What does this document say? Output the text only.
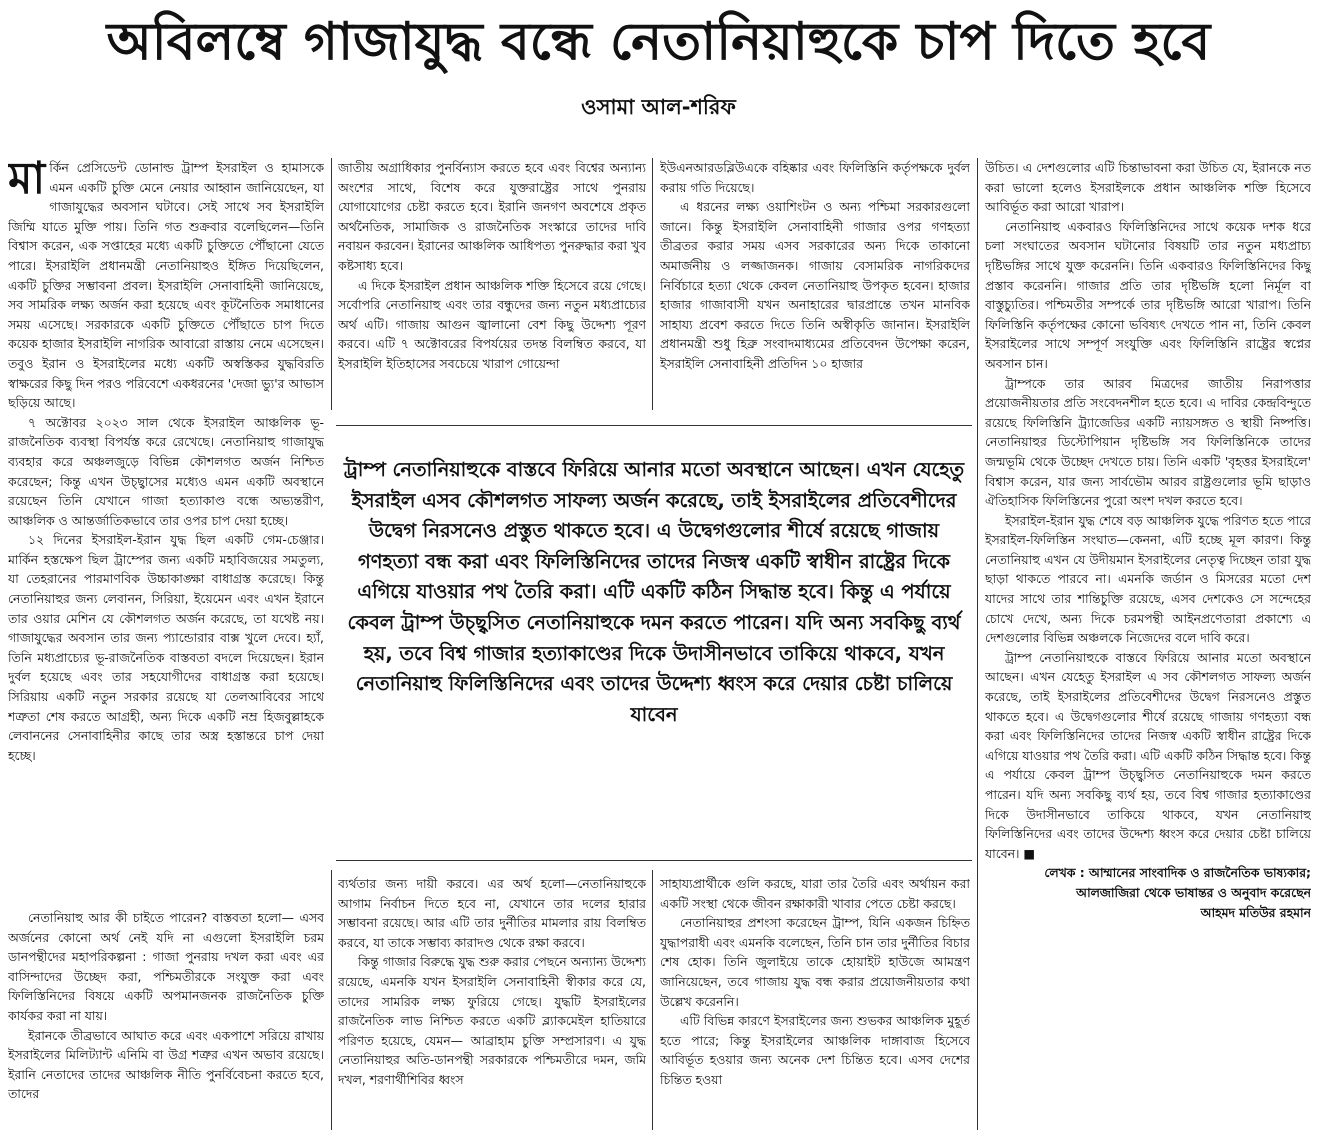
অবিলম্বে গাজাযুদ্ধ বন্ধে নেতানিয়াহুকে চাপ দিতে হবে
ওসামা আল-শরিফ

মার্কিন প্রেসিডেন্ট ডোনাল্ড ট্রাম্প ইসরাইল ও হামাসকে এমন একটি চুক্তি মেনে নেয়ার আহ্বান জানিয়েছেন, যা গাজাযুদ্ধের অবসান ঘটাবে। সেই সাথে সব ইসরাইলি জিম্মি যাতে মুক্তি পায়। তিনি গত শুক্রবার বলেছিলেন—তিনি বিশ্বাস করেন, এক সপ্তাহের মধ্যে একটি চুক্তিতে পৌঁছানো যেতে পারে। ইসরাইলি প্রধানমন্ত্রী নেতানিয়াহুও ইঙ্গিত দিয়েছিলেন, একটি চুক্তির সম্ভাবনা প্রবল। ইসরাইলি সেনাবাহিনী জানিয়েছে, সব সামরিক লক্ষ্য অর্জন করা হয়েছে এবং কূটনৈতিক সমাধানের সময় এসেছে। সরকারকে একটি চুক্তিতে পৌঁছাতে চাপ দিতে কয়েক হাজার ইসরাইলি নাগরিক আবারো রাস্তায় নেমে এসেছেন। তবুও ইরান ও ইসরাইলের মধ্যে একটি অস্বস্তিকর যুদ্ধবিরতি স্বাক্ষরের কিছু দিন পরও পরিবেশে একধরনের 'দেজা ভ্যু'র আভাস ছড়িয়ে আছে।

৭ অক্টোবর ২০২৩ সাল থেকে ইসরাইল আঞ্চলিক ভূ-রাজনৈতিক ব্যবস্থা বিপর্যস্ত করে রেখেছে। নেতানিয়াহু গাজাযুদ্ধ ব্যবহার করে অঞ্চলজুড়ে বিভিন্ন কৌশলগত অর্জন নিশ্চিত করেছেন; কিন্তু এখন উচ্ছ্বাসের মধ্যেও এমন একটি অবস্থানে রয়েছেন তিনি যেখানে গাজা হত্যাকাণ্ড বন্ধে অভ্যন্তরীণ, আঞ্চলিক ও আন্তর্জাতিকভাবে তার ওপর চাপ দেয়া হচ্ছে।

১২ দিনের ইসরাইল-ইরান যুদ্ধ ছিল একটি গেম-চেঞ্জার। মার্কিন হস্তক্ষেপ ছিল ট্রাম্পের জন্য একটি মহাবিজয়ের সমতুল্য, যা তেহরানের পারমাণবিক উচ্চাকাঙ্ক্ষা বাধাগ্রস্ত করেছে। কিন্তু নেতানিয়াহুর জন্য লেবানন, সিরিয়া, ইয়েমেন এবং এখন ইরানে তার ওয়ার মেশিন যে কৌশলগত অর্জন করেছে, তা যথেষ্ট নয়। গাজাযুদ্ধের অবসান তার জন্য প্যান্ডোরার বাক্স খুলে দেবে। হ্যাঁ, তিনি মধ্যপ্রাচ্যের ভূ-রাজনৈতিক বাস্তবতা বদলে দিয়েছেন। ইরান দুর্বল হয়েছে এবং তার সহযোগীদের বাধাগ্রস্ত করা হয়েছে। সিরিয়ায় একটি নতুন সরকার রয়েছে যা তেলআবিবের সাথে শত্রুতা শেষ করতে আগ্রহী, অন্য দিকে একটি নম্র হিজবুল্লাহকে লেবাননের সেনাবাহিনীর কাছে তার অস্ত্র হস্তান্তরে চাপ দেয়া হচ্ছে।

নেতানিয়াহু আর কী চাইতে পারেন? বাস্তবতা হলো— এসব অর্জনের কোনো অর্থ নেই যদি না এগুলো ইসরাইলি চরম ডানপন্থীদের মহাপরিকল্পনা : গাজা পুনরায় দখল করা এবং এর বাসিন্দাদের উচ্ছেদ করা, পশ্চিমতীরকে সংযুক্ত করা এবং ফিলিস্তিনিদের বিষয়ে একটি অপমানজনক রাজনৈতিক চুক্তি কার্যকর করা না যায়।

ইরানকে তীব্রভাবে আঘাত করে এবং একপাশে সরিয়ে রাখায় ইসরাইলের মিলিট্যান্ট এনিমি বা উগ্র শত্রুর এখন অভাব রয়েছে। ইরানি নেতাদের তাদের আঞ্চলিক নীতি পুনর্বিবেচনা করতে হবে, তাদের

জাতীয় অগ্রাধিকার পুনর্বিন্যাস করতে হবে এবং বিশ্বের অন্যান্য অংশের সাথে, বিশেষ করে যুক্তরাষ্ট্রের সাথে পুনরায় যোগাযোগের চেষ্টা করতে হবে। ইরানি জনগণ অবশেষে প্রকৃত অর্থনৈতিক, সামাজিক ও রাজনৈতিক সংস্কারে তাদের দাবি নবায়ন করবেন। ইরানের আঞ্চলিক আধিপত্য পুনরুদ্ধার করা খুব কষ্টসাধ্য হবে।

এ দিকে ইসরাইল প্রধান আঞ্চলিক শক্তি হিসেবে রয়ে গেছে। সর্বোপরি নেতানিয়াহু এবং তার বন্ধুদের জন্য নতুন মধ্যপ্রাচ্যের অর্থ এটি। গাজায় আগুন জ্বালানো বেশ কিছু উদ্দেশ্য পূরণ করবে। এটি ৭ অক্টোবরের বিপর্যয়ের তদন্ত বিলম্বিত করবে, যা ইসরাইলি ইতিহাসের সবচেয়ে খারাপ গোয়েন্দা

ইউএনআরডব্লিউএকে বহিষ্কার এবং ফিলিস্তিনি কর্তৃপক্ষকে দুর্বল করায় গতি দিয়েছে।

এ ধরনের লক্ষ্য ওয়াশিংটন ও অন্য পশ্চিমা সরকারগুলো জানে। কিন্তু ইসরাইলি সেনাবাহিনী গাজার ওপর গণহত্যা তীব্রতর করার সময় এসব সরকারের অন্য দিকে তাকানো অমার্জনীয় ও লজ্জাজনক। গাজায় বেসামরিক নাগরিকদের নির্বিচারে হত্যা থেকে কেবল নেতানিয়াহু উপকৃত হবেন। হাজার হাজার গাজাবাসী যখন অনাহারের দ্বারপ্রান্তে তখন মানবিক সাহায্য প্রবেশ করতে দিতে তিনি অস্বীকৃতি জানান। ইসরাইলি প্রধানমন্ত্রী শুধু হিব্রু সংবাদমাধ্যমের প্রতিবেদন উপেক্ষা করেন, ইসরাইলি সেনাবাহিনী প্রতিদিন ১০ হাজার

ট্রাম্প নেতানিয়াহুকে বাস্তবে ফিরিয়ে আনার মতো অবস্থানে আছেন। এখন যেহেতু ইসরাইল এসব কৌশলগত সাফল্য অর্জন করেছে, তাই ইসরাইলের প্রতিবেশীদের উদ্বেগ নিরসনেও প্রস্তুত থাকতে হবে। এ উদ্বেগগুলোর শীর্ষে রয়েছে গাজায় গণহত্যা বন্ধ করা এবং ফিলিস্তিনিদের তাদের নিজস্ব একটি স্বাধীন রাষ্ট্রের দিকে এগিয়ে যাওয়ার পথ তৈরি করা। এটি একটি কঠিন সিদ্ধান্ত হবে। কিন্তু এ পর্যায়ে কেবল ট্রাম্প উচ্ছ্বসিত নেতানিয়াহুকে দমন করতে পারেন। যদি অন্য সবকিছু ব্যর্থ হয়, তবে বিশ্ব গাজার হত্যাকাণ্ডের দিকে উদাসীনভাবে তাকিয়ে থাকবে, যখন নেতানিয়াহু ফিলিস্তিনিদের এবং তাদের উদ্দেশ্য ধ্বংস করে দেয়ার চেষ্টা চালিয়ে যাবেন

ব্যর্থতার জন্য দায়ী করবে। এর অর্থ হলো—নেতানিয়াহুকে আগাম নির্বাচন দিতে হবে না, যেখানে তার দলের হারার সম্ভাবনা রয়েছে। আর এটি তার দুর্নীতির মামলার রায় বিলম্বিত করবে, যা তাকে সম্ভাব্য কারাদণ্ড থেকে রক্ষা করবে।

কিন্তু গাজার বিরুদ্ধে যুদ্ধ শুরু করার পেছনে অন্যান্য উদ্দেশ্য রয়েছে, এমনকি যখন ইসরাইলি সেনাবাহিনী স্বীকার করে যে, তাদের সামরিক লক্ষ্য ফুরিয়ে গেছে। যুদ্ধটি ইসরাইলের রাজনৈতিক লাভ নিশ্চিত করতে একটি ব্ল্যাকমেইল হাতিয়ারে পরিণত হয়েছে, যেমন— আব্রাহাম চুক্তি সম্প্রসারণ। এ যুদ্ধ নেতানিয়াহুর অতি-ডানপন্থী সরকারকে পশ্চিমতীরে দমন, জমি দখল, শরণার্থীশিবির ধ্বংস

সাহায্যপ্রার্থীকে গুলি করছে, যারা তার তৈরি এবং অর্থায়ন করা একটি সংস্থা থেকে জীবন রক্ষাকারী খাবার পেতে চেষ্টা করছে।

নেতানিয়াহুর প্রশংসা করেছেন ট্রাম্প, যিনি একজন চিহ্নিত যুদ্ধাপরাধী এবং এমনকি বলেছেন, তিনি চান তার দুর্নীতির বিচার শেষ হোক। তিনি জুলাইয়ে তাকে হোয়াইট হাউজে আমন্ত্রণ জানিয়েছেন, তবে গাজায় যুদ্ধ বন্ধ করার প্রয়োজনীয়তার কথা উল্লেখ করেননি।

এটি বিভিন্ন কারণে ইসরাইলের জন্য শুভকর আঞ্চলিক মুহূর্ত হতে পারে; কিন্তু ইসরাইলের আঞ্চলিক দাঙ্গাবাজ হিসেবে আবির্ভূত হওয়ার জন্য অনেক দেশ চিন্তিত হবে। এসব দেশের চিন্তিত হওয়া

উচিত। এ দেশগুলোর এটি চিন্তাভাবনা করা উচিত যে, ইরানকে নত করা ভালো হলেও ইসরাইলকে প্রধান আঞ্চলিক শক্তি হিসেবে আবির্ভূত করা আরো খারাপ।

নেতানিয়াহু একবারও ফিলিস্তিনিদের সাথে কয়েক দশক ধরে চলা সংঘাতের অবসান ঘটানোর বিষয়টি তার নতুন মধ্যপ্রাচ্য দৃষ্টিভঙ্গির সাথে যুক্ত করেননি। তিনি একবারও ফিলিস্তিনিদের কিছু প্রস্তাব করেননি। গাজার প্রতি তার দৃষ্টিভঙ্গি হলো নির্মূল বা বাস্তুচ্যুতির। পশ্চিমতীর সম্পর্কে তার দৃষ্টিভঙ্গি আরো খারাপ। তিনি ফিলিস্তিনি কর্তৃপক্ষের কোনো ভবিষ্যৎ দেখতে পান না, তিনি কেবল ইসরাইলের সাথে সম্পূর্ণ সংযুক্তি এবং ফিলিস্তিনি রাষ্ট্রের স্বপ্নের অবসান চান।

ট্রাম্পকে তার আরব মিত্রদের জাতীয় নিরাপত্তার প্রয়োজনীয়তার প্রতি সংবেদনশীল হতে হবে। এ দাবির কেন্দ্রবিন্দুতে রয়েছে ফিলিস্তিনি ট্র্যাজেডির একটি ন্যায়সঙ্গত ও স্থায়ী নিষ্পত্তি। নেতানিয়াহুর ডিস্টোপিয়ান দৃষ্টিভঙ্গি সব ফিলিস্তিনিকে তাদের জন্মভূমি থেকে উচ্ছেদ দেখতে চায়। তিনি একটি 'বৃহত্তর ইসরাইলে' বিশ্বাস করেন, যার জন্য সার্বভৌম আরব রাষ্ট্রগুলোর ভূমি ছাড়াও ঐতিহাসিক ফিলিস্তিনের পুরো অংশ দখল করতে হবে।

ইসরাইল-ইরান যুদ্ধ শেষে বড় আঞ্চলিক যুদ্ধে পরিণত হতে পারে ইসরাইল-ফিলিস্তিন সংঘাত—কেননা, এটি হচ্ছে মূল কারণ। কিন্তু নেতানিয়াহু এখন যে উদীয়মান ইসরাইলের নেতৃত্ব দিচ্ছেন তারা যুদ্ধ ছাড়া থাকতে পারবে না। এমনকি জর্ডান ও মিসরের মতো দেশ যাদের সাথে তার শান্তিচুক্তি রয়েছে, এসব দেশকেও সে সন্দেহের চোখে দেখে, অন্য দিকে চরমপন্থী আইনপ্রণেতারা প্রকাশ্যে এ দেশগুলোর বিভিন্ন অঞ্চলকে নিজেদের বলে দাবি করে।

ট্রাম্প নেতানিয়াহুকে বাস্তবে ফিরিয়ে আনার মতো অবস্থানে আছেন। এখন যেহেতু ইসরাইল এ সব কৌশলগত সাফল্য অর্জন করেছে, তাই ইসরাইলের প্রতিবেশীদের উদ্বেগ নিরসনেও প্রস্তুত থাকতে হবে। এ উদ্বেগগুলোর শীর্ষে রয়েছে গাজায় গণহত্যা বন্ধ করা এবং ফিলিস্তিনিদের তাদের নিজস্ব একটি স্বাধীন রাষ্ট্রের দিকে এগিয়ে যাওয়ার পথ তৈরি করা। এটি একটি কঠিন সিদ্ধান্ত হবে। কিন্তু এ পর্যায়ে কেবল ট্রাম্প উচ্ছ্বসিত নেতানিয়াহুকে দমন করতে পারেন। যদি অন্য সবকিছু ব্যর্থ হয়, তবে বিশ্ব গাজার হত্যাকাণ্ডের দিকে উদাসীনভাবে তাকিয়ে থাকবে, যখন নেতানিয়াহু ফিলিস্তিনিদের এবং তাদের উদ্দেশ্য ধ্বংস করে দেয়ার চেষ্টা চালিয়ে যাবেন। ■

লেখক : আম্মানের সাংবাদিক ও রাজনৈতিক ভাষ্যকার;
আলজাজিরা থেকে ভাষান্তর ও অনুবাদ করেছেন
আহমদ মতিউর রহমান
